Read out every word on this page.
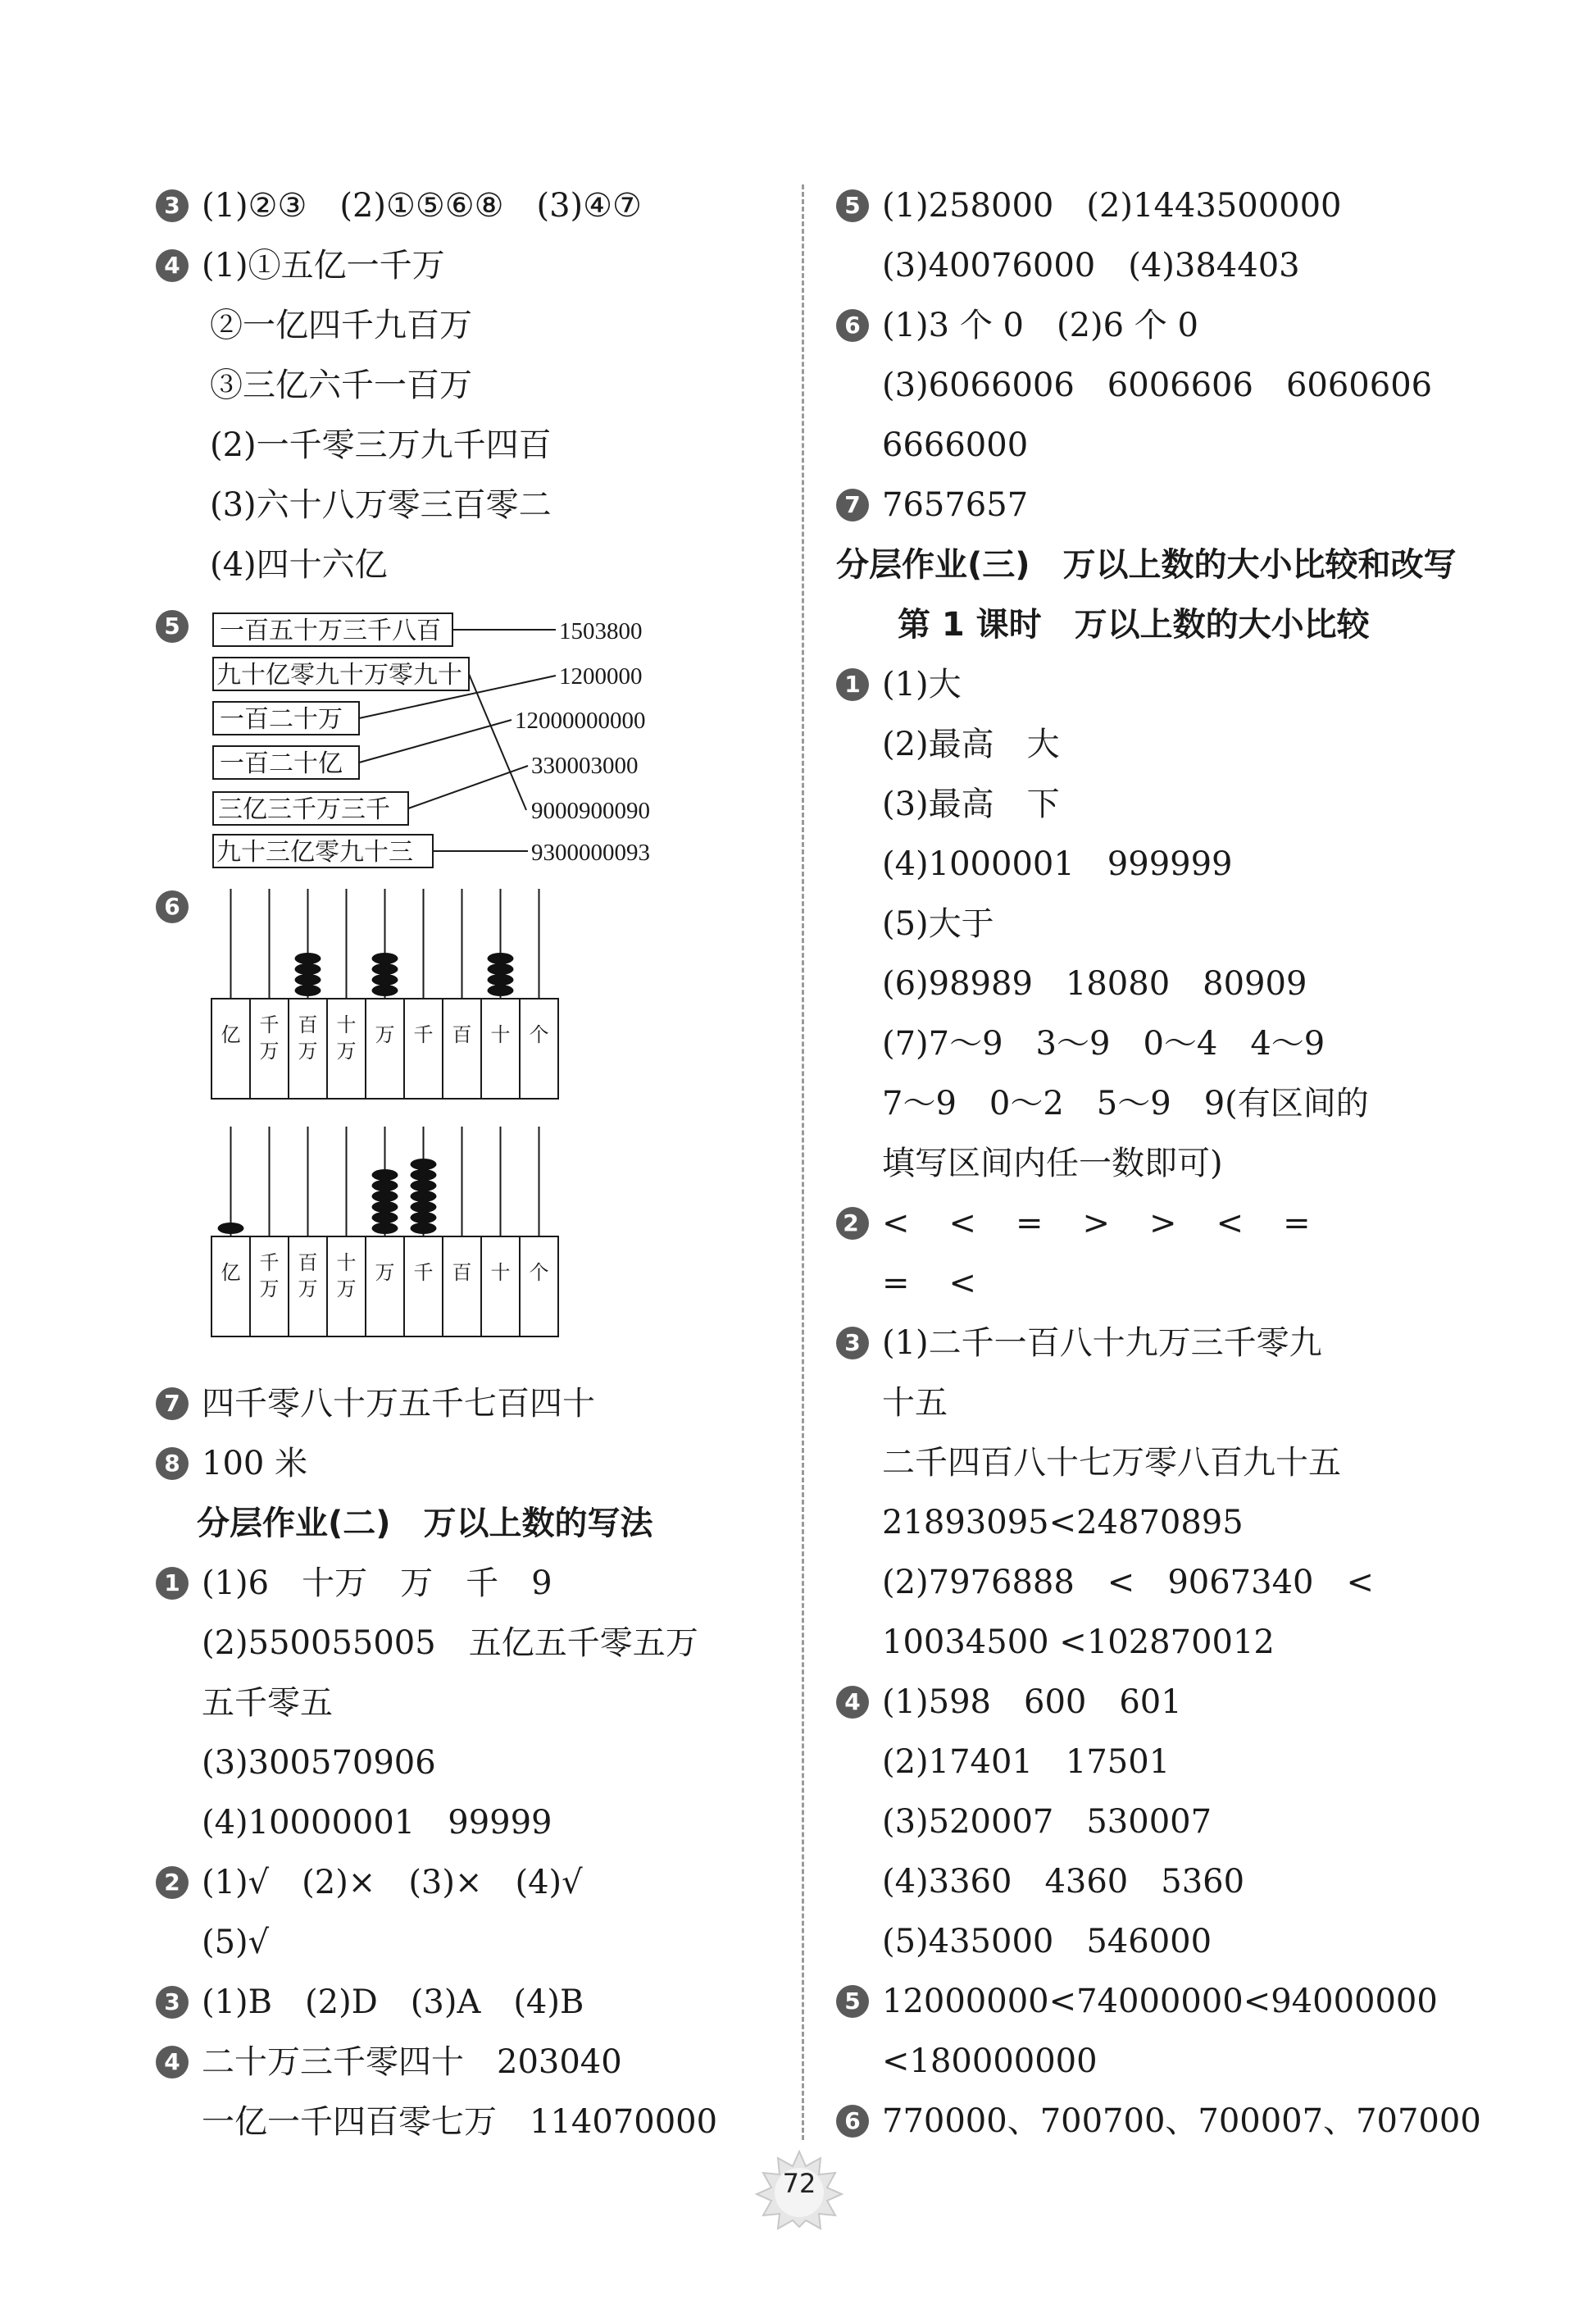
3 (1)②③　(2)①⑤⑥⑧　(3)④⑦
4 (1)①五亿一千万
②一亿四千九百万
③三亿六千一百万
(2)一千零三万九千四百
(3)六十八万零三百零二
(4)四十六亿
5	一百五十万三千八百
九十亿零九十万零九十
一百二十万
一百二十亿
三亿三千万三千
九十三亿零九十三
1503800
1200000
12000000000
330003000
9000900090
9300000093
6
亿 千万
百万
十万
万 千 百 十 个
亿 千万
百万
十万
万 千 百 十 个
7 四千零八十万五千七百四十
8 100 米
分层作业(二)　万以上数的写法
1 (1)6　十万　万　千　9
(2)550055005　五亿五千零五万
五千零五
(3)300570906
(4)10000001　99999
2 (1)√　(2)×　(3)×　(4)√
(5)√
3 (1)B　(2)D　(3)A　(4)B
4 二十万三千零四十　203040
一亿一千四百零七万　114070000
5 (1)258000　(2)1443500000
(3)40076000　(4)384403
6 (1)3 个 0　(2)6 个 0
(3)6066006　6006606　6060606
6666000
7 7657657
分层作业(三)　万以上数的大小比较和改写
第 1 课时　万以上数的大小比较
1 (1)大
(2)最高　大
(3)最高　下
(4)1000001　999999
(5)大于
(6)98989　18080　80909
(7)7～9　3～9　0～4　4～9
7～9　0～2　5～9　9(有区间的
填写区间内任一数即可)
2 <　<　=　>　>　<　=
=　<
3 (1)二千一百八十九万三千零九
十五
二千四百八十七万零八百九十五
21893095<24870895
(2)7976888　<　9067340　<
10034500 <102870012
4 (1)598　600　601
(2)17401　17501
(3)520007　530007
(4)3360　4360　5360
(5)435000　546000
5 12000000<74000000<94000000
<180000000
6 770000、700700、700007、707000
72
